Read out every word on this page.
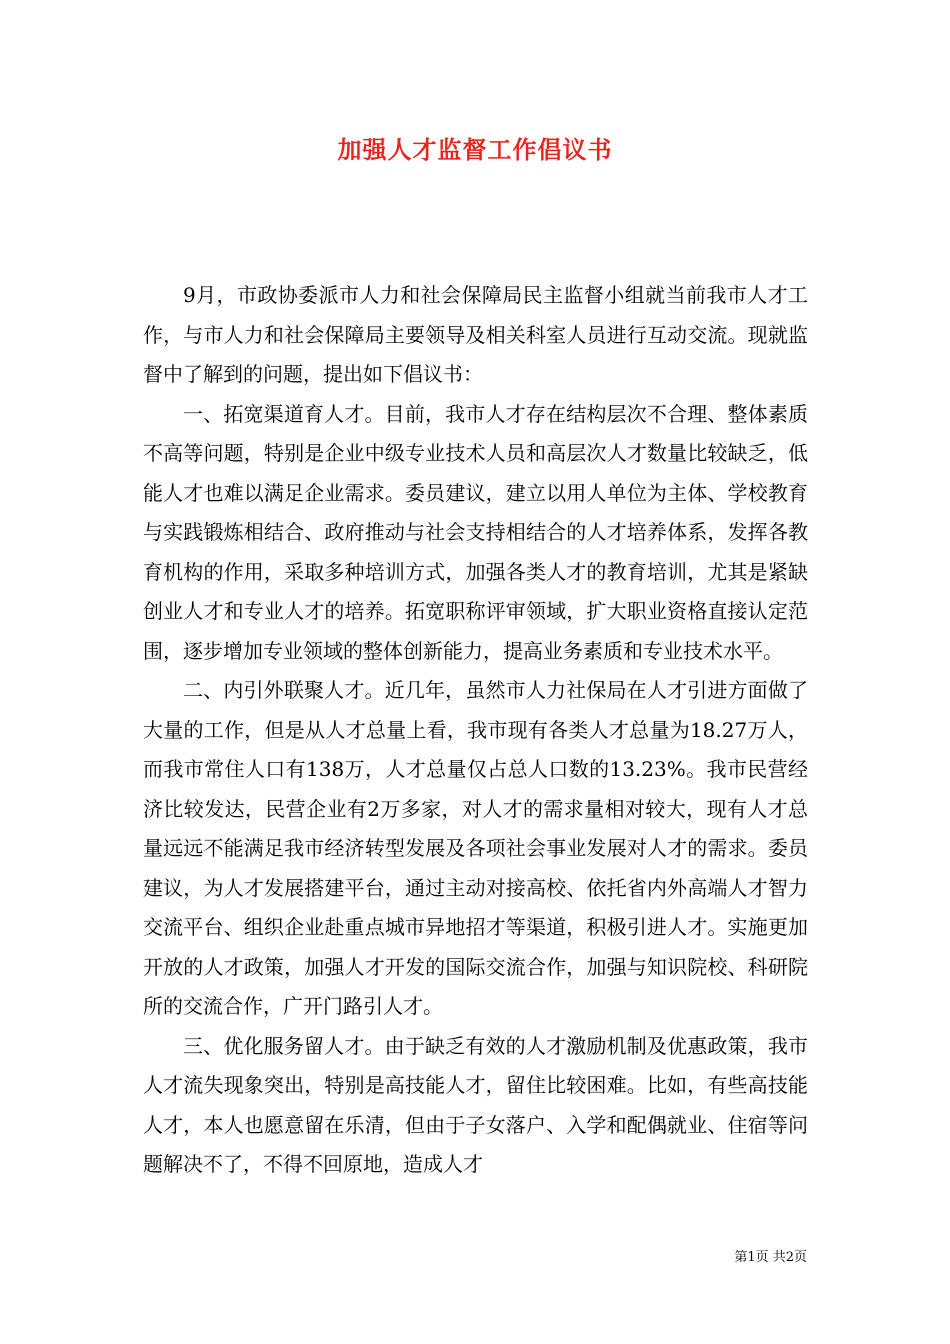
加强人才监督工作倡议书

9月，市政协委派市人力和社会保障局民主监督小组就当前我市人才工作，与市人力和社会保障局主要领导及相关科室人员进行互动交流。现就监督中了解到的问题，提出如下倡议书：

一、拓宽渠道育人才。目前，我市人才存在结构层次不合理、整体素质不高等问题，特别是企业中级专业技术人员和高层次人才数量比较缺乏，低能人才也难以满足企业需求。委员建议，建立以用人单位为主体、学校教育与实践锻炼相结合、政府推动与社会支持相结合的人才培养体系，发挥各教育机构的作用，采取多种培训方式，加强各类人才的教育培训，尤其是紧缺创业人才和专业人才的培养。拓宽职称评审领域，扩大职业资格直接认定范围，逐步增加专业领域的整体创新能力，提高业务素质和专业技术水平。

二、内引外联聚人才。近几年，虽然市人力社保局在人才引进方面做了大量的工作，但是从人才总量上看，我市现有各类人才总量为18.27万人，而我市常住人口有138万，人才总量仅占总人口数的13.23%。我市民营经济比较发达，民营企业有2万多家，对人才的需求量相对较大，现有人才总量远远不能满足我市经济转型发展及各项社会事业发展对人才的需求。委员建议，为人才发展搭建平台，通过主动对接高校、依托省内外高端人才智力交流平台、组织企业赴重点城市异地招才等渠道，积极引进人才。实施更加开放的人才政策，加强人才开发的国际交流合作，加强与知识院校、科研院所的交流合作，广开门路引人才。

三、优化服务留人才。由于缺乏有效的人才激励机制及优惠政策，我市人才流失现象突出，特别是高技能人才，留住比较困难。比如，有些高技能人才，本人也愿意留在乐清，但由于子女落户、入学和配偶就业、住宿等问题解决不了，不得不回原地，造成人才

第1页 共2页
